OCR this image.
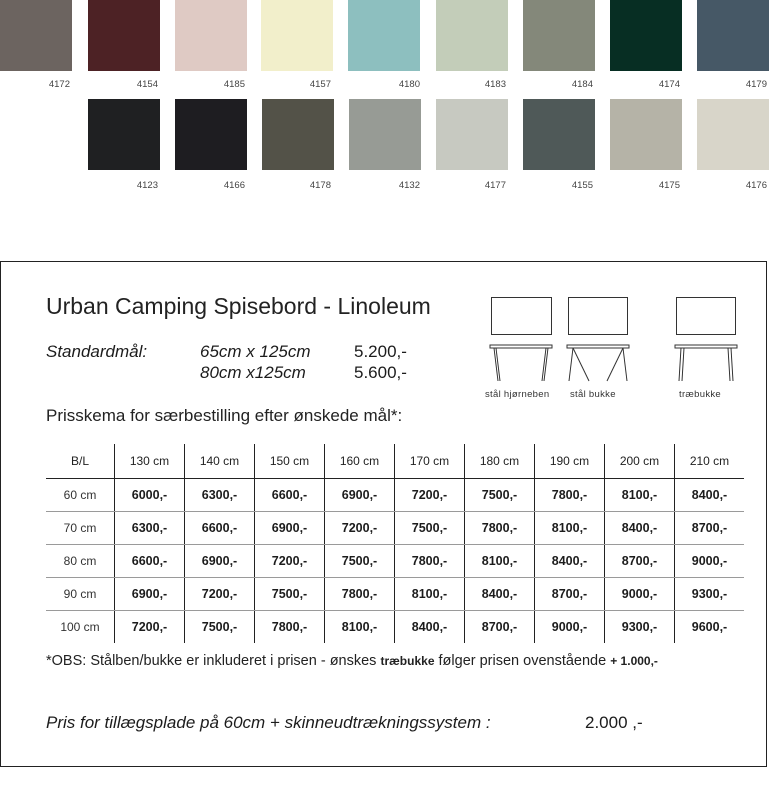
4172	4154	4185	4157	4180	4183	4184	4174	4179
4123	4166	4178	4132	4177	4155	4175	4176
Urban Camping Spisebord - Linoleum
Standardmål:	65cm x 125cm	5.200,-
80cm x125cm	5.600,-
stål hjørneben stål bukke	træbukke
Prisskema for særbestilling efter ønskede mål*:
B/L	130 cm	140 cm	150 cm	160 cm	170 cm	180 cm	190 cm	200 cm	210 cm
60 cm	6000,-	6300,-	6600,-	6900,-	7200,-	7500,-	7800,-	8100,-	8400,-
70 cm	6300,-	6600,-	6900,-	7200,-	7500,-	7800,-	8100,-	8400,-	8700,-
80 cm	6600,-	6900,-	7200,-	7500,-	7800,-	8100,-	8400,-	8700,-	9000,-
90 cm	6900,-	7200,-	7500,-	7800,-	8100,-	8400,-	8700,-	9000,-	9300,-
100 cm	7200,-	7500,-	7800,-	8100,-	8400,-	8700,-	9000,-	9300,-	9600,-
*OBS: Stålben/bukke er inkluderet i prisen - ønskes træbukke følger prisen ovenstående + 1.000,-
Pris for tillægsplade på 60cm + skinneudtrækningssystem :	2.000 ,-
